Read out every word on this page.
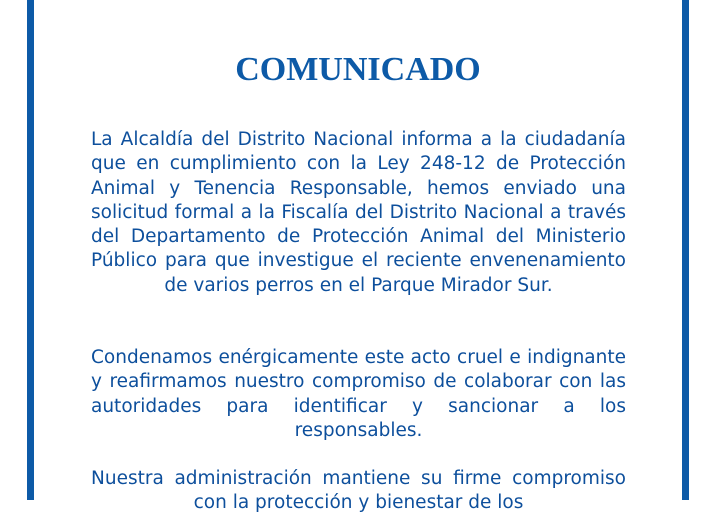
COMUNICADO

La Alcaldía del Distrito Nacional informa a la ciudadanía que en cumplimiento con la Ley 248-12 de Protección Animal y Tenencia Responsable, hemos enviado una solicitud formal a la Fiscalía del Distrito Nacional a través del Departamento de Protección Animal del Ministerio Público para que investigue el reciente envenenamiento de varios perros en el Parque Mirador Sur.

Condenamos enérgicamente este acto cruel e indignante y reafirmamos nuestro compromiso de colaborar con las autoridades para identificar y sancionar a los responsables.

Nuestra administración mantiene su firme compromiso con la protección y bienestar de los
